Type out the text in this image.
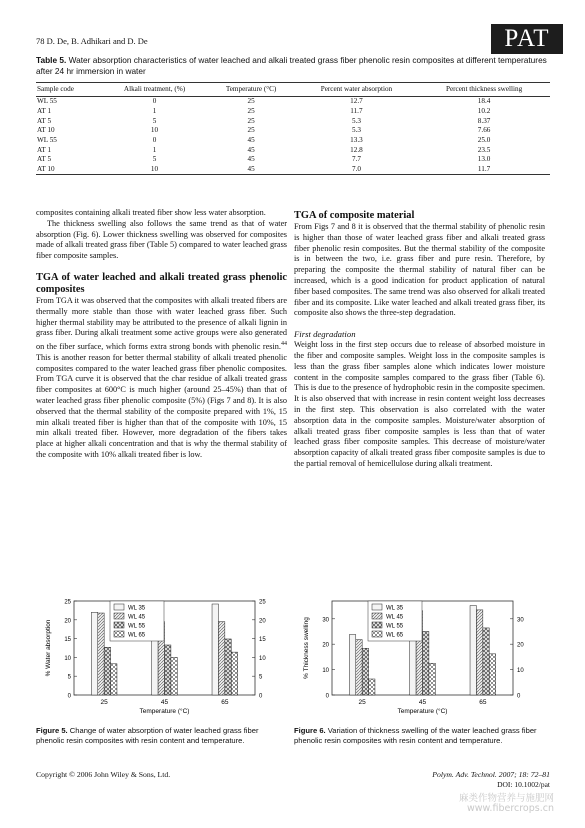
78 D. De, B. Adhikari and D. De	PAT
Table 5. Water absorption characteristics of water leached and alkali treated grass fiber phenolic resin composites at different temperatures after 24 hr immersion in water
Sample code	Alkali treatment, (%)	Temperature (°C)	Percent water absorption	Percent thickness swelling
WL 55	0	25	12.7	18.4
AT 1	1	25	11.7	10.2
AT 5	5	25	5.3	8.37
AT 10	10	25	5.3	7.66
WL 55	0	45	13.3	25.0
AT 1	1	45	12.8	23.5
AT 5	5	45	7.7	13.0
AT 10	10	45	7.0	11.7

composites containing alkali treated fiber show less water absorption.

The thickness swelling also follows the same trend as that of water absorption (Fig. 6). Lower thickness swelling was observed for composites made of alkali treated grass fiber (Table 5) compared to water leached grass fiber composite samples.

TGA of water leached and alkali treated grass phenolic composites

From TGA it was observed that the composites with alkali treated fibers are thermally more stable than those with water leached grass fiber. Such higher thermal stability may be attributed to the presence of alkali lignin in grass fiber. During alkali treatment some active groups were also generated on the fiber surface, which forms extra strong bonds with phenolic resin.$^{44}$ This is another reason for better thermal stability of alkali treated phenolic composites compared to the water leached grass fiber phenolic composites. From TGA curve it is observed that the char residue of alkali treated grass fiber composites at 600°C is much higher (around 25–45%) than that of water leached grass fiber phenolic composite (5%) (Figs 7 and 8). It is also observed that the thermal stability of the composite prepared with 1%, 15 min alkali treated fiber is higher than that of the composite with 10%, 15 min alkali treated fiber. However, more degradation of the fibers takes place at higher alkali concentration and that is why the thermal stability of the composite with 10% alkali treated fiber is low.

TGA of composite material

From Figs 7 and 8 it is observed that the thermal stability of phenolic resin is higher than those of water leached grass fiber and alkali treated grass fiber phenolic resin composites. But the thermal stability of the composite is in between the two, i.e. grass fiber and pure resin. Therefore, by preparing the composite the thermal stability of natural fiber can be increased, which is a good indication for product application of natural fiber based composites. The same trend was also observed for alkali treated fiber and its composite. Like water leached and alkali treated grass fiber, its composite also shows the three-step degradation.

First degradation

Weight loss in the first step occurs due to release of absorbed moisture in the fiber and composite samples. Weight loss in the composite samples is less than the grass fiber samples alone which indicates lower moisture content in the composite samples compared to the grass fiber (Table 6). This is due to the presence of hydrophobic resin in the composite specimen. It is also observed that with increase in resin content weight loss decreases in the first step. This observation is also correlated with the water absorption data in the composite samples. Moisture/water absorption of alkali treated grass fiber composite samples is less than that of water leached grass fiber composite samples. This decrease of moisture/water absorption capacity of alkali treated grass fiber composite samples is due to the partial removal of hemicellulose during alkali treatment.

0
5
10
15
20
25
0
5
10
15
20
25
25	45	65
Temperature (°C)
% Water absorption
WL 35
WL 45
WL 55
WL 65
Figure 5. Change of water absorption of water leached grass fiber phenolic resin composites with resin content and temperature.
0
10
20
30
0
10
20
30
25	45	65
Temperature (°C)
% Thickness swelling
WL 35
WL 45
WL 55
WL 65
Figure 6. Variation of thickness swelling of the water leached grass fiber phenolic resin composites with resin content and temperature.
Copyright © 2006 John Wiley & Sons, Ltd.	Polym. Adv. Technol. 2007; 18: 72–81
DOI: 10.1002/pat
麻类作物营养与施肥网
www.fibercrops.cn
